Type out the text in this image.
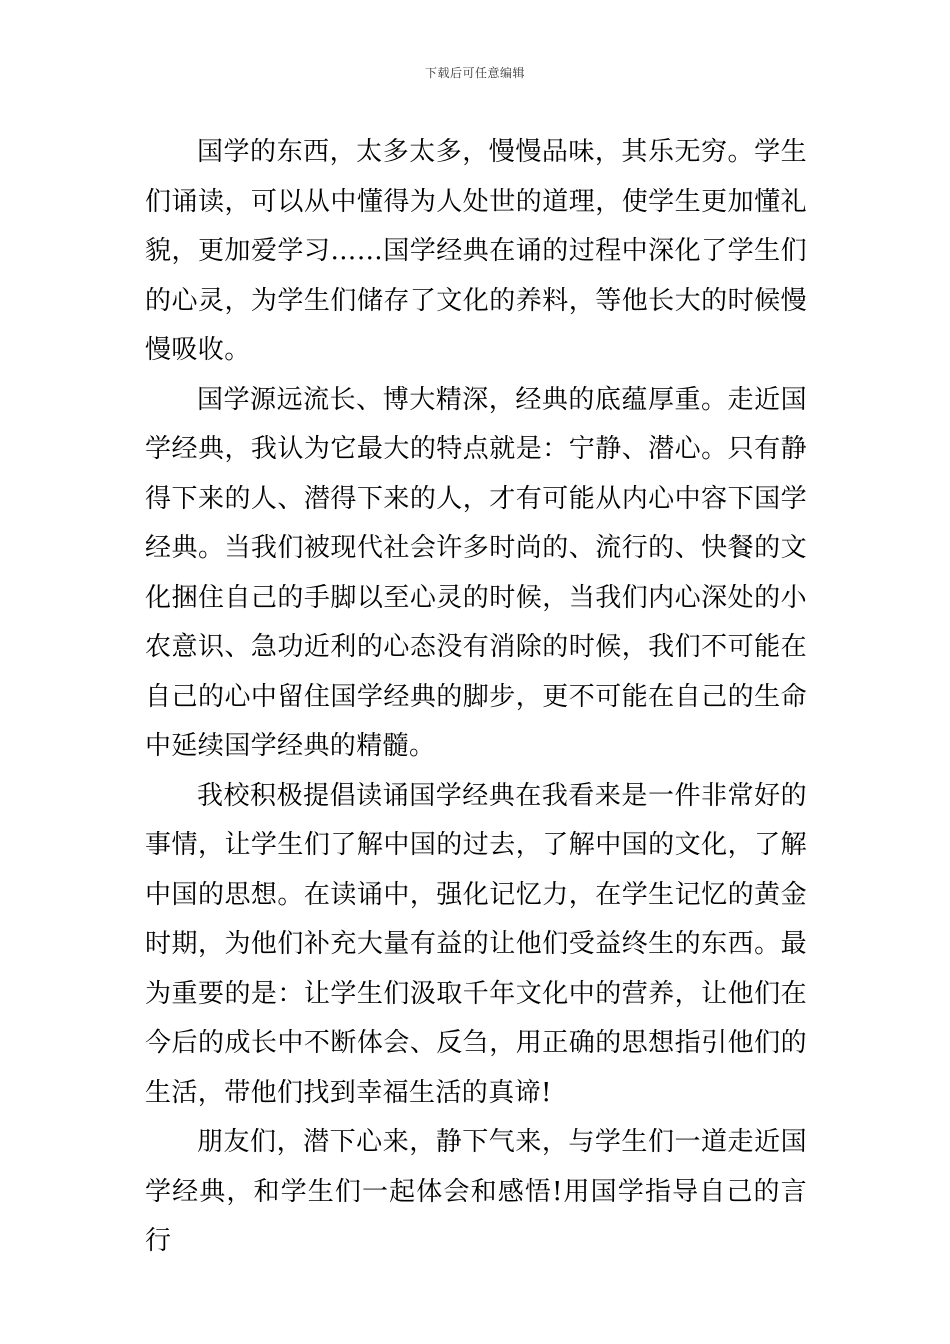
下载后可任意编辑

国学的东西，太多太多，慢慢品味，其乐无穷。学生们诵读，可以从中懂得为人处世的道理，使学生更加懂礼貌，更加爱学习……国学经典在诵的过程中深化了学生们的心灵，为学生们储存了文化的养料，等他长大的时候慢慢吸收。

国学源远流长、博大精深，经典的底蕴厚重。走近国学经典，我认为它最大的特点就是：宁静、潜心。只有静得下来的人、潜得下来的人，才有可能从内心中容下国学经典。当我们被现代社会许多时尚的、流行的、快餐的文化捆住自己的手脚以至心灵的时候，当我们内心深处的小农意识、急功近利的心态没有消除的时候，我们不可能在自己的心中留住国学经典的脚步，更不可能在自己的生命中延续国学经典的精髓。

我校积极提倡读诵国学经典在我看来是一件非常好的事情，让学生们了解中国的过去，了解中国的文化，了解中国的思想。在读诵中，强化记忆力，在学生记忆的黄金时期，为他们补充大量有益的让他们受益终生的东西。最为重要的是：让学生们汲取千年文化中的营养，让他们在今后的成长中不断体会、反刍，用正确的思想指引他们的生活，带他们找到幸福生活的真谛!

朋友们，潜下心来，静下气来，与学生们一道走近国学经典，和学生们一起体会和感悟!用国学指导自己的言行
